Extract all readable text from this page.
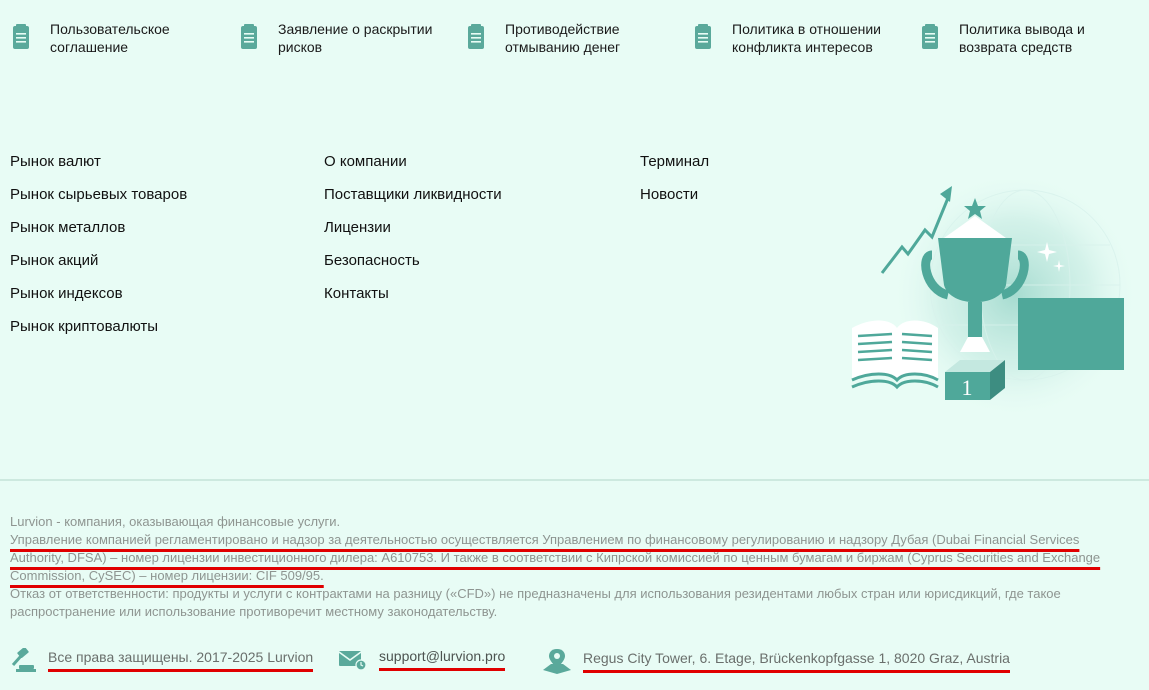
Пользовательское соглашение
Заявление о раскрытии рисков
Противодействие отмыванию денег
Политика в отношении конфликта интересов
Политика вывода и возврата средств
Рынок валют
Рынок сырьевых товаров
Рынок металлов
Рынок акций
Рынок индексов
Рынок криптовалюты
О компании
Поставщики ликвидности
Лицензии
Безопасность
Контакты
Терминал
Новости
1

Lurvion - компания, оказывающая финансовые услуги.

Управление компанией регламентировано и надзор за деятельностью осуществляется Управлением по финансовому регулированию и надзору Дубая (Dubai Financial Services Authority, DFSA) – номер лицензии инвестиционного дилера: A610753. И также в соответствии с Кипрской комиссией по ценным бумагам и биржам (Cyprus Securities and Exchange Commission, CySEC) – номер лицензии: CIF 509/95.

Отказ от ответственности: продукты и услуги с контрактами на разницу («CFD») не предназначены для использования резидентами любых стран или юрисдикций, где такое распространение или использование противоречит местному законодательству.

Все права защищены. 2017-2025 Lurvion	support@lurvion.pro	Regus City Tower, 6. Etage, Brückenkopfgasse 1, 8020 Graz, Austria
